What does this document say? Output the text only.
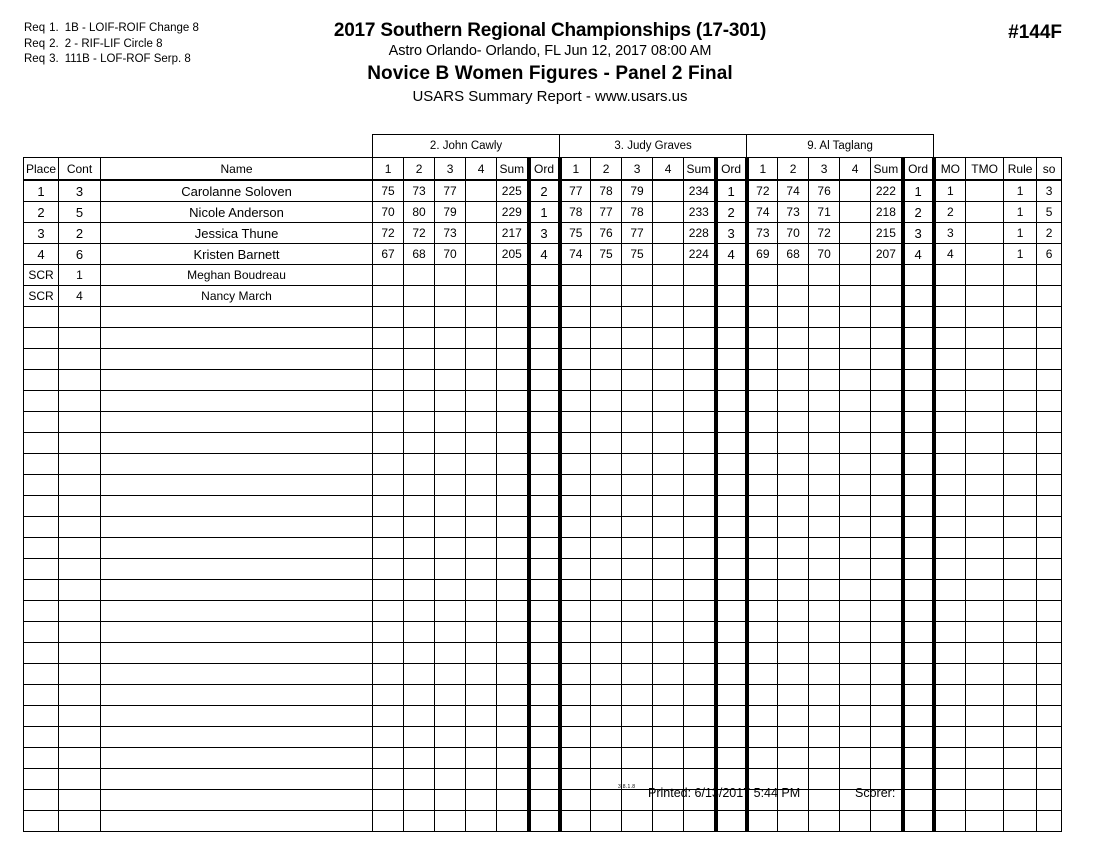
Req 1. 1B - LOIF-ROIF Change 8
Req 2. 2 - RIF-LIF Circle 8
Req 3. 111B - LOF-ROF Serp. 8
2017 Southern Regional Championships (17-301)
Astro Orlando- Orlando, FL Jun 12, 2017 08:00 AM
Novice B Women Figures - Panel 2 Final
USARS Summary Report - www.usars.us
#144F
			2. John Cawly						3. Judy Graves						9. Al Taglang									
Place	Cont	Name	1	2	3	4	Sum	Ord	1	2	3	4	Sum	Ord	1	2	3	4	Sum	Ord	MO	TMO	Rule	so
1	3	Carolanne Soloven	75	73	77		225	2	77	78	79		234	1	72	74	76		222	1	1		1	3
2	5	Nicole Anderson	70	80	79		229	1	78	77	78		233	2	74	73	71		218	2	2		1	5
3	2	Jessica Thune	72	72	73		217	3	75	76	77		228	3	73	70	72		215	3	3		1	2
4	6	Kristen Barnett	67	68	70		205	4	74	75	75		224	4	69	68	70		207	4	4		1	6
SCR	1	Meghan Boudreau																						
SCR	4	Nancy March																						

3.8.1.8 Printed: 6/13/2017 5:44 PM	Scorer:
